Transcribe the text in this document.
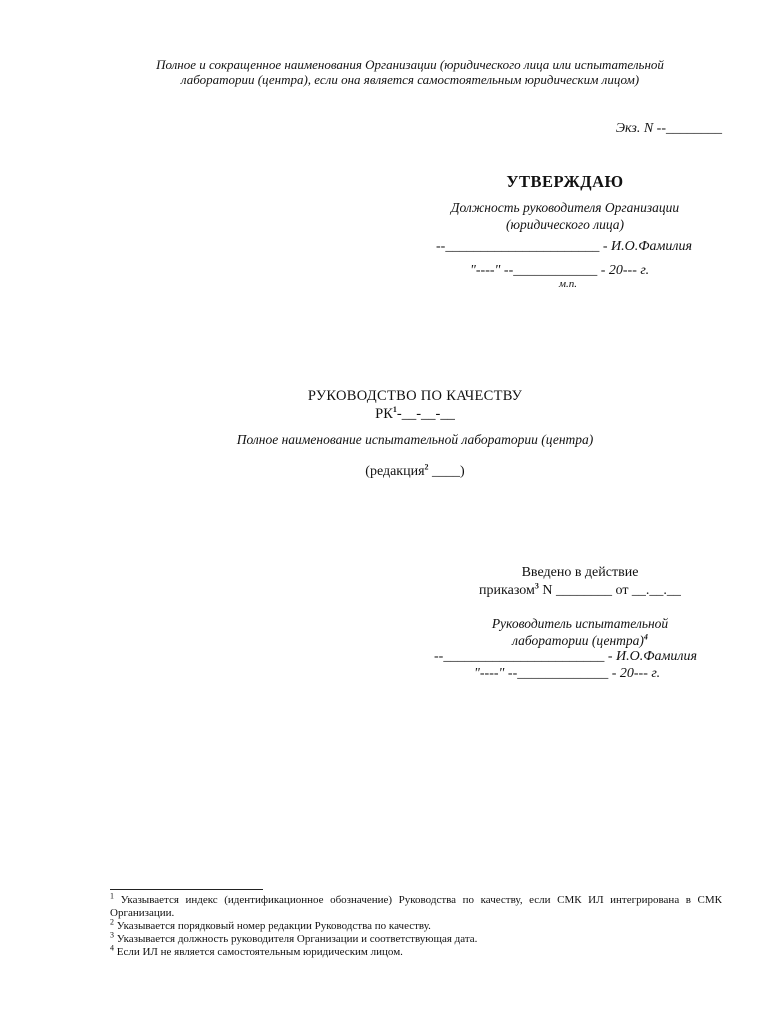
Полное и сокращенное наименования Организации (юридического лица или испытательной
лаборатории (центра), если она является самостоятельным юридическим лицом)
Экз. N --________
УТВЕРЖДАЮ
Должность руководителя Организации
(юридического лица)
--______________________ - И.О.Фамилия
"----" --____________ - 20--- г.
м.п.
РУКОВОДСТВО ПО КАЧЕСТВУ
$РК^1-\_\_-\_\_-\_\_$
Полное наименование испытательной лаборатории (центра)
(редакция$^2$ ____)
Введено в действие
приказом$^3$ N ________ от __.__.__
Руководитель испытательной
лаборатории (центра)$^4$
--_______________________ - И.О.Фамилия
"----" --_____________ - 20--- г.

$^1$ Указывается индекс (идентификационное обозначение) Руководства по качеству, если СМК ИЛ интегрирована в СМК Организации.

$^2$ Указывается порядковый номер редакции Руководства по качеству.

$^3$ Указывается должность руководителя Организации и соответствующая дата.

$^4$ Если ИЛ не является самостоятельным юридическим лицом.
